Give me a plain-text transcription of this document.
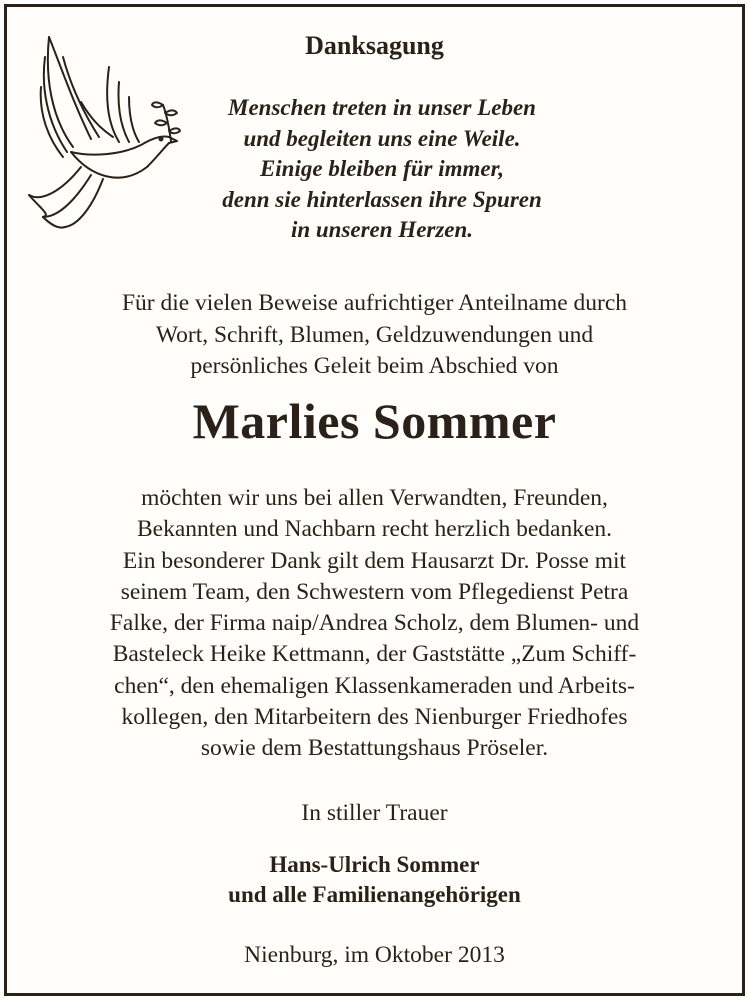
Danksagung
Menschen treten in unser Leben
und begleiten uns eine Weile.
Einige bleiben für immer,
denn sie hinterlassen ihre Spuren
in unseren Herzen.
Für die vielen Beweise aufrichtiger Anteilname durch
Wort, Schrift, Blumen, Geldzuwendungen und
persönliches Geleit beim Abschied von
Marlies Sommer
möchten wir uns bei allen Verwandten, Freunden,
Bekannten und Nachbarn recht herzlich bedanken.
Ein besonderer Dank gilt dem Hausarzt Dr. Posse mit
seinem Team, den Schwestern vom Pflegedienst Petra
Falke, der Firma naip/Andrea Scholz, dem Blumen- und
Basteleck Heike Kettmann, der Gaststätte „Zum Schiff-
chen“, den ehemaligen Klassenkameraden und Arbeits-
kollegen, den Mitarbeitern des Nienburger Friedhofes
sowie dem Bestattungshaus Pröseler.
In stiller Trauer
Hans-Ulrich Sommer
und alle Familienangehörigen
Nienburg, im Oktober 2013
